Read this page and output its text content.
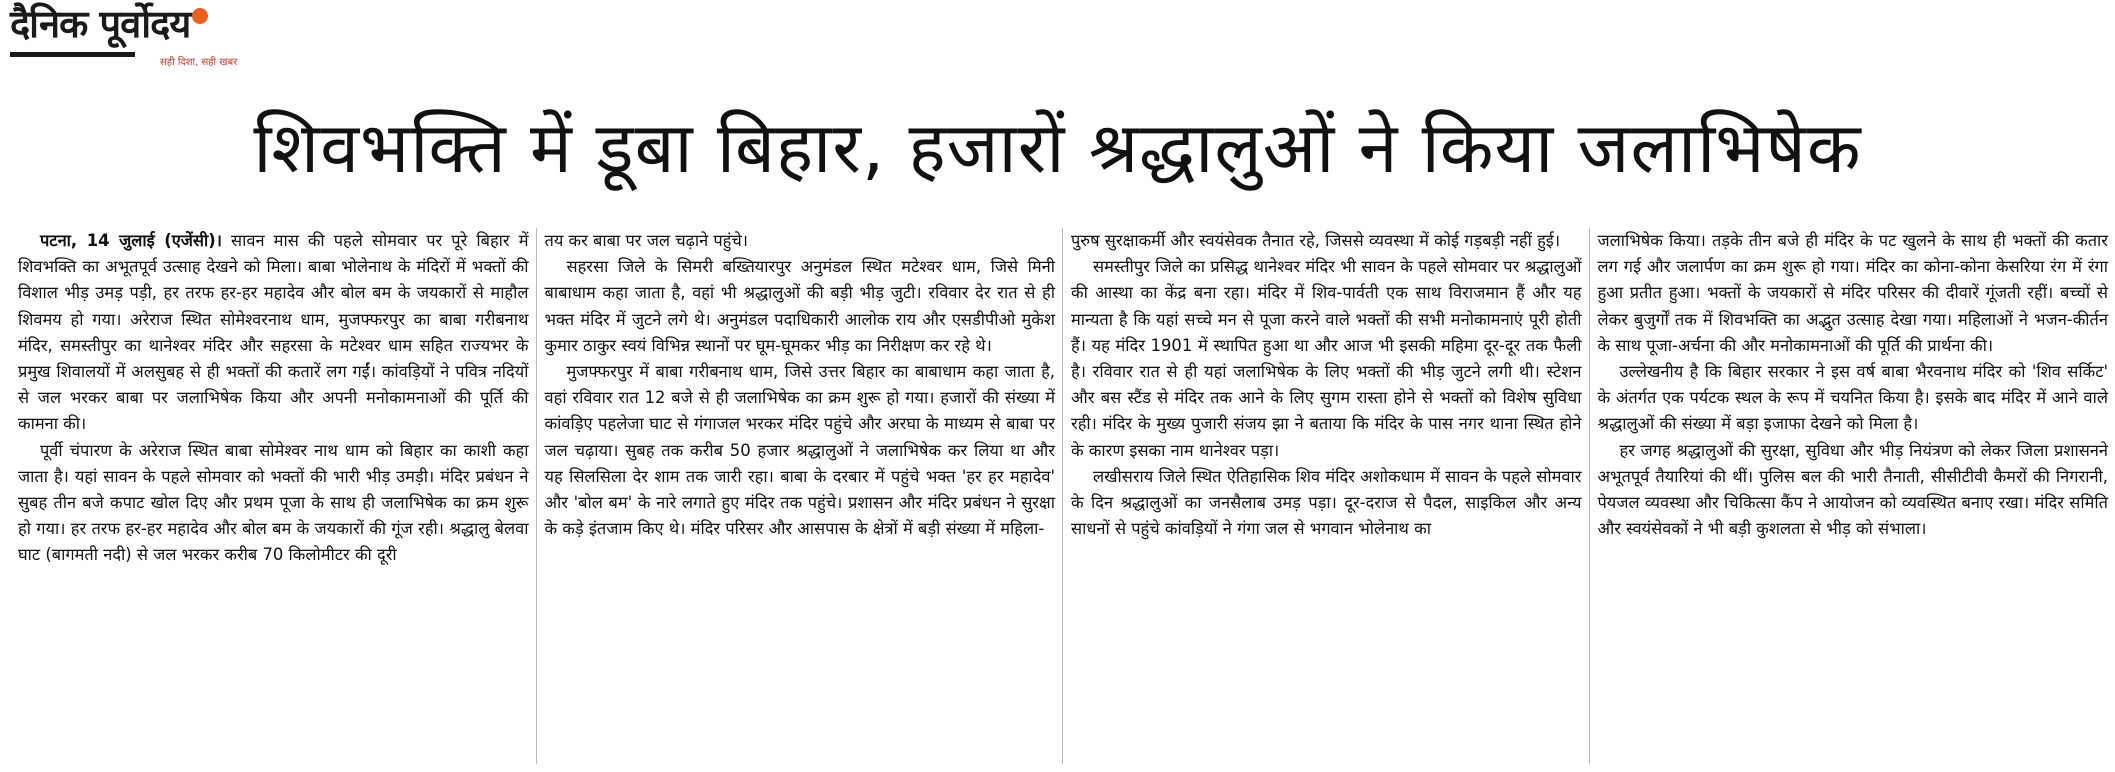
दैनिक पूर्वोदय
सही दिशा, सही खबर
शिवभक्ति में डूबा बिहार, हजारों श्रद्धालुओं ने किया जलाभिषेक

पटना, 14 जुलाई (एजेंसी)। सावन मास की पहले सोमवार पर पूरे बिहार में शिवभक्ति का अभूतपूर्व उत्साह देखने को मिला। बाबा भोलेनाथ के मंदिरों में भक्तों की विशाल भीड़ उमड़ पड़ी, हर तरफ हर-हर महादेव और बोल बम के जयकारों से माहौल शिवमय हो गया। अरेराज स्थित सोमेश्वरनाथ धाम, मुजफ्फरपुर का बाबा गरीबनाथ मंदिर, समस्तीपुर का थानेश्वर मंदिर और सहरसा के मटेश्वर धाम सहित राज्यभर के प्रमुख शिवालयों में अलसुबह से ही भक्तों की कतारें लग गईं। कांवड़ियों ने पवित्र नदियों से जल भरकर बाबा पर जलाभिषेक किया और अपनी मनोकामनाओं की पूर्ति की कामना की।

पूर्वी चंपारण के अरेराज स्थित बाबा सोमेश्वर नाथ धाम को बिहार का काशी कहा जाता है। यहां सावन के पहले सोमवार को भक्तों की भारी भीड़ उमड़ी। मंदिर प्रबंधन ने सुबह तीन बजे कपाट खोल दिए और प्रथम पूजा के साथ ही जलाभिषेक का क्रम शुरू हो गया। हर तरफ हर-हर महादेव और बोल बम के जयकारों की गूंज रही। श्रद्धालु बेलवा घाट (बागमती नदी) से जल भरकर करीब 70 किलोमीटर की दूरी

तय कर बाबा पर जल चढ़ाने पहुंचे।

सहरसा जिले के सिमरी बख्तियारपुर अनुमंडल स्थित मटेश्वर धाम, जिसे मिनी बाबाधाम कहा जाता है, वहां भी श्रद्धालुओं की बड़ी भीड़ जुटी। रविवार देर रात से ही भक्त मंदिर में जुटने लगे थे। अनुमंडल पदाधिकारी आलोक राय और एसडीपीओ मुकेश कुमार ठाकुर स्वयं विभिन्न स्थानों पर घूम-घूमकर भीड़ का निरीक्षण कर रहे थे।

मुजफ्फरपुर में बाबा गरीबनाथ धाम, जिसे उत्तर बिहार का बाबाधाम कहा जाता है, वहां रविवार रात 12 बजे से ही जलाभिषेक का क्रम शुरू हो गया। हजारों की संख्या में कांवड़िए पहलेजा घाट से गंगाजल भरकर मंदिर पहुंचे और अरघा के माध्यम से बाबा पर जल चढ़ाया। सुबह तक करीब 50 हजार श्रद्धालुओं ने जलाभिषेक कर लिया था और यह सिलसिला देर शाम तक जारी रहा। बाबा के दरबार में पहुंचे भक्त 'हर हर महादेव' और 'बोल बम' के नारे लगाते हुए मंदिर तक पहुंचे। प्रशासन और मंदिर प्रबंधन ने सुरक्षा के कड़े इंतजाम किए थे। मंदिर परिसर और आसपास के क्षेत्रों में बड़ी संख्या में महिला-

पुरुष सुरक्षाकर्मी और स्वयंसेवक तैनात रहे, जिससे व्यवस्था में कोई गड़बड़ी नहीं हुई।

समस्तीपुर जिले का प्रसिद्ध थानेश्वर मंदिर भी सावन के पहले सोमवार पर श्रद्धालुओं की आस्था का केंद्र बना रहा। मंदिर में शिव-पार्वती एक साथ विराजमान हैं और यह मान्यता है कि यहां सच्चे मन से पूजा करने वाले भक्तों की सभी मनोकामनाएं पूरी होती हैं। यह मंदिर 1901 में स्थापित हुआ था और आज भी इसकी महिमा दूर-दूर तक फैली है। रविवार रात से ही यहां जलाभिषेक के लिए भक्तों की भीड़ जुटने लगी थी। स्टेशन और बस स्टैंड से मंदिर तक आने के लिए सुगम रास्ता होने से भक्तों को विशेष सुविधा रही। मंदिर के मुख्य पुजारी संजय झा ने बताया कि मंदिर के पास नगर थाना स्थित होने के कारण इसका नाम थानेश्वर पड़ा।

लखीसराय जिले स्थित ऐतिहासिक शिव मंदिर अशोकधाम में सावन के पहले सोमवार के दिन श्रद्धालुओं का जनसैलाब उमड़ पड़ा। दूर-दराज से पैदल, साइकिल और अन्य साधनों से पहुंचे कांवड़ियों ने गंगा जल से भगवान भोलेनाथ का

जलाभिषेक किया। तड़के तीन बजे ही मंदिर के पट खुलने के साथ ही भक्तों की कतार लग गई और जलार्पण का क्रम शुरू हो गया। मंदिर का कोना-कोना केसरिया रंग में रंगा हुआ प्रतीत हुआ। भक्तों के जयकारों से मंदिर परिसर की दीवारें गूंजती रहीं। बच्चों से लेकर बुजुर्गों तक में शिवभक्ति का अद्भुत उत्साह देखा गया। महिलाओं ने भजन-कीर्तन के साथ पूजा-अर्चना की और मनोकामनाओं की पूर्ति की प्रार्थना की।

उल्लेखनीय है कि बिहार सरकार ने इस वर्ष बाबा भैरवनाथ मंदिर को 'शिव सर्किट' के अंतर्गत एक पर्यटक स्थल के रूप में चयनित किया है। इसके बाद मंदिर में आने वाले श्रद्धालुओं की संख्या में बड़ा इजाफा देखने को मिला है।

हर जगह श्रद्धालुओं की सुरक्षा, सुविधा और भीड़ नियंत्रण को लेकर जिला प्रशासनने अभूतपूर्व तैयारियां की थीं। पुलिस बल की भारी तैनाती, सीसीटीवी कैमरों की निगरानी, पेयजल व्यवस्था और चिकित्सा कैंप ने आयोजन को व्यवस्थित बनाए रखा। मंदिर समिति और स्वयंसेवकों ने भी बड़ी कुशलता से भीड़ को संभाला।
